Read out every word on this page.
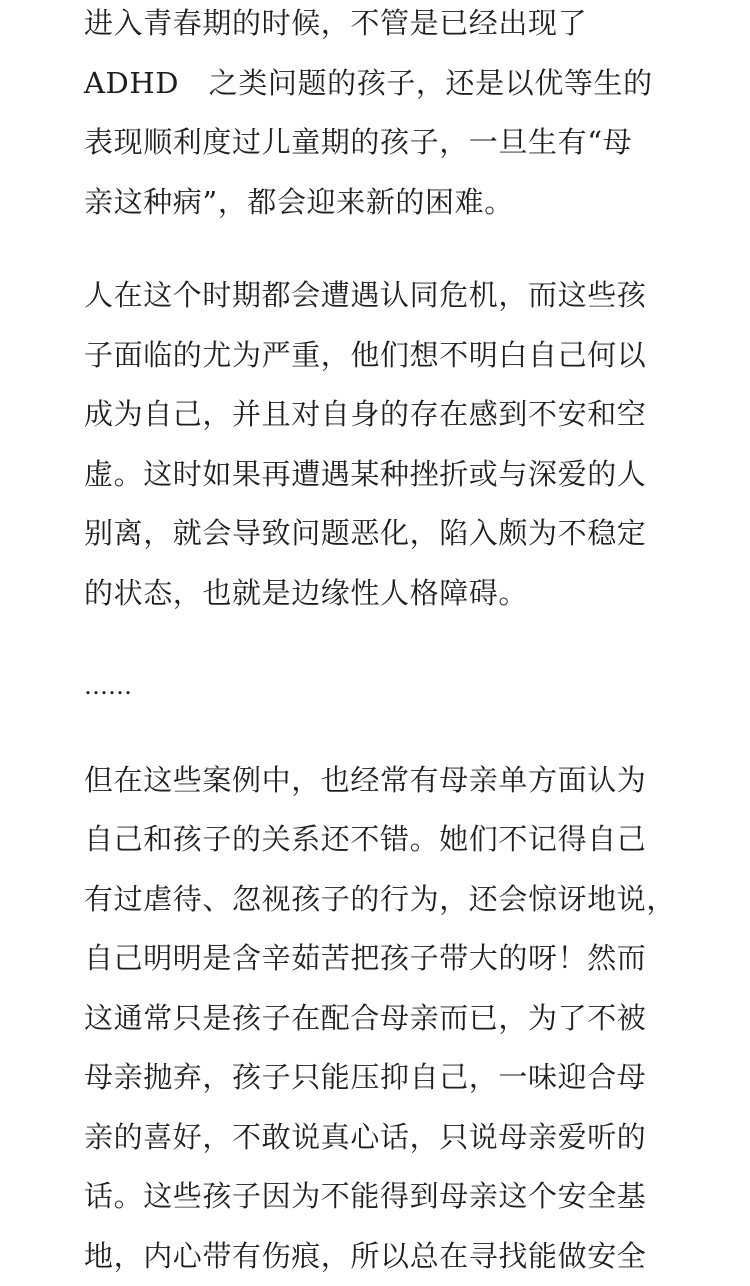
进入青春期的时候，不管是已经出现了
ADHD　之类问题的孩子，还是以优等生的
表现顺利度过儿童期的孩子，一旦生有“母
亲这种病”，都会迎来新的困难。
人在这个时期都会遭遇认同危机，而这些孩
子面临的尤为严重，他们想不明白自己何以
成为自己，并且对自身的存在感到不安和空
虚。这时如果再遭遇某种挫折或与深爱的人
别离，就会导致问题恶化，陷入颇为不稳定
的状态，也就是边缘性人格障碍。
……
但在这些案例中，也经常有母亲单方面认为
自己和孩子的关系还不错。她们不记得自己
有过虐待、忽视孩子的行为，还会惊讶地说，
自己明明是含辛茹苦把孩子带大的呀！然而
这通常只是孩子在配合母亲而已，为了不被
母亲抛弃，孩子只能压抑自己，一味迎合母
亲的喜好，不敢说真心话，只说母亲爱听的
话。这些孩子因为不能得到母亲这个安全基
地，内心带有伤痕，所以总在寻找能做安全
